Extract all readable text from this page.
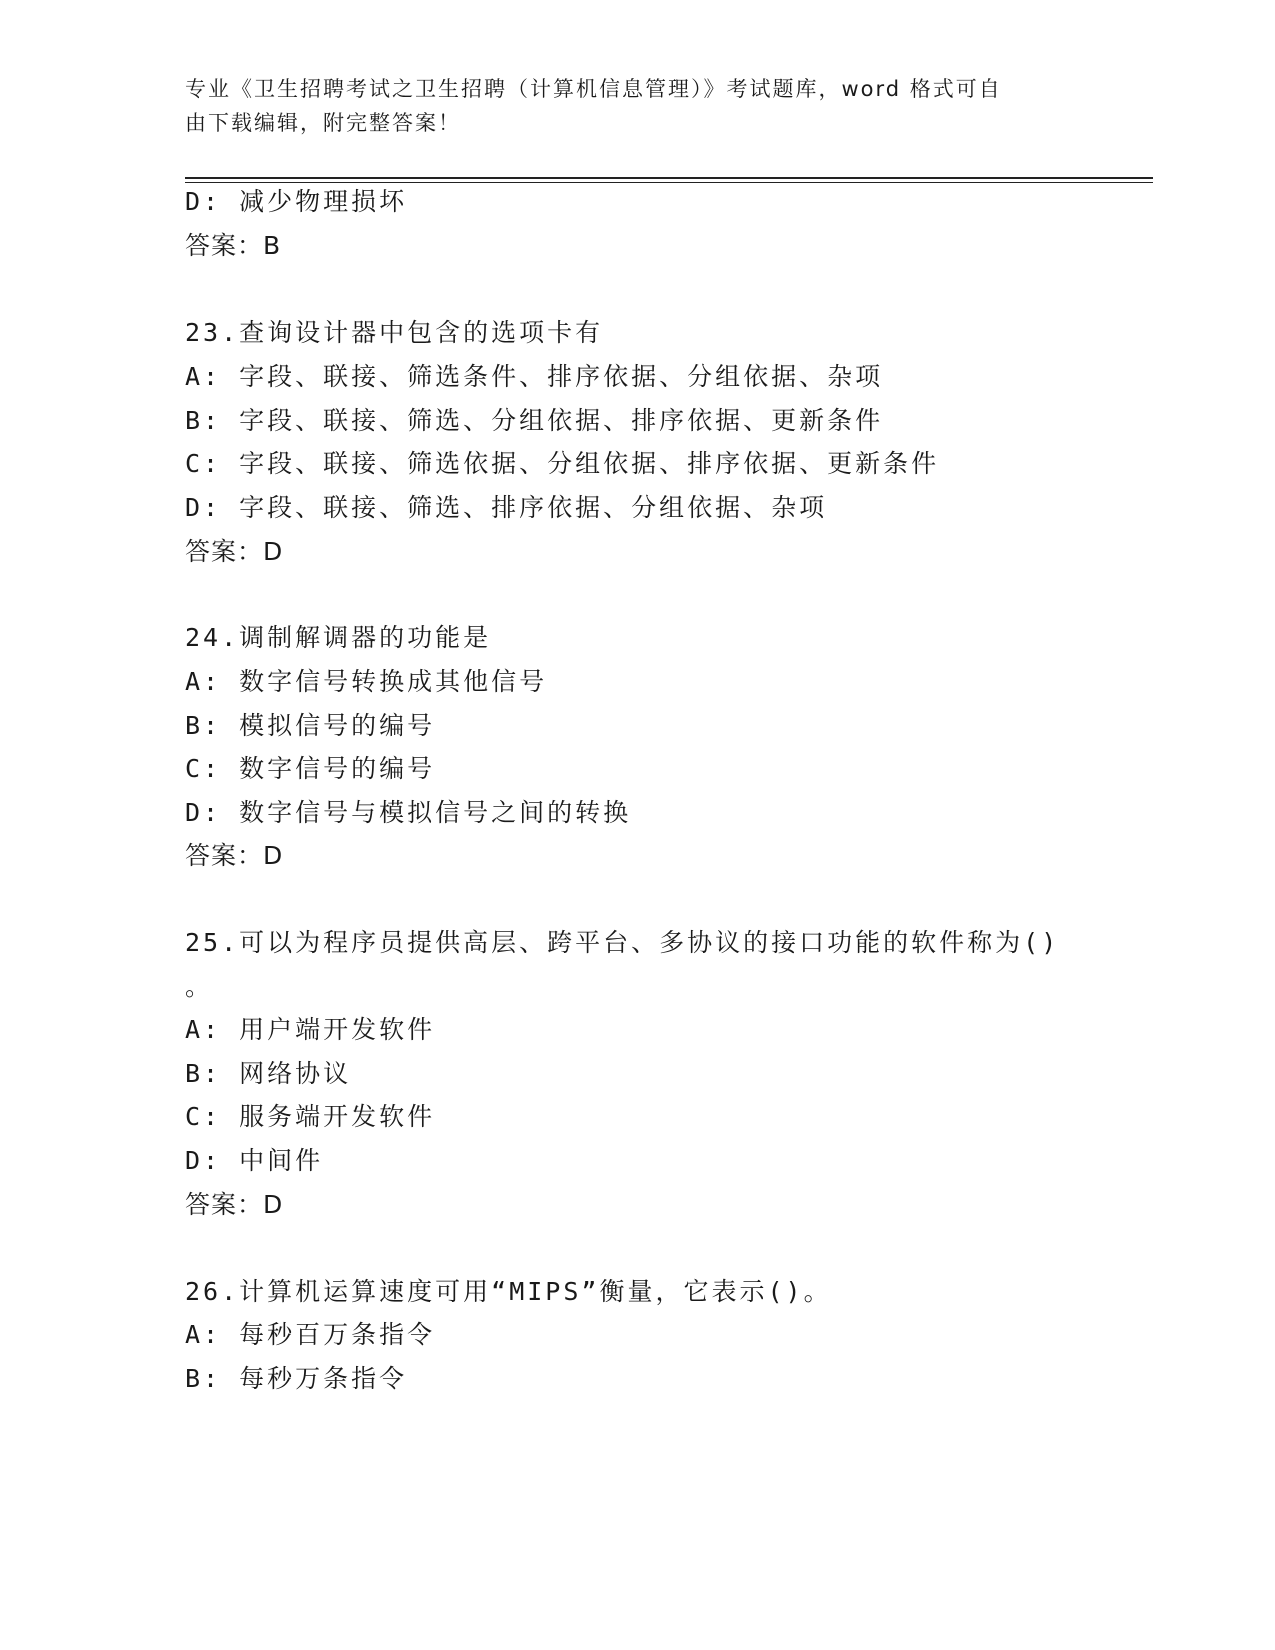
专业《卫生招聘考试之卫生招聘（计算机信息管理）》考试题库，word 格式可自
由下载编辑，附完整答案！
D: 减少物理损坏
答案：B
23.查询设计器中包含的选项卡有
A: 字段、联接、筛选条件、排序依据、分组依据、杂项
B: 字段、联接、筛选、分组依据、排序依据、更新条件
C: 字段、联接、筛选依据、分组依据、排序依据、更新条件
D: 字段、联接、筛选、排序依据、分组依据、杂项
答案：D
24.调制解调器的功能是
A: 数字信号转换成其他信号
B: 模拟信号的编号
C: 数字信号的编号
D: 数字信号与模拟信号之间的转换
答案：D
25.可以为程序员提供高层、跨平台、多协议的接口功能的软件称为()
。
A: 用户端开发软件
B: 网络协议
C: 服务端开发软件
D: 中间件
答案：D
26.计算机运算速度可用“MIPS”衡量，它表示()。
A: 每秒百万条指令
B: 每秒万条指令
